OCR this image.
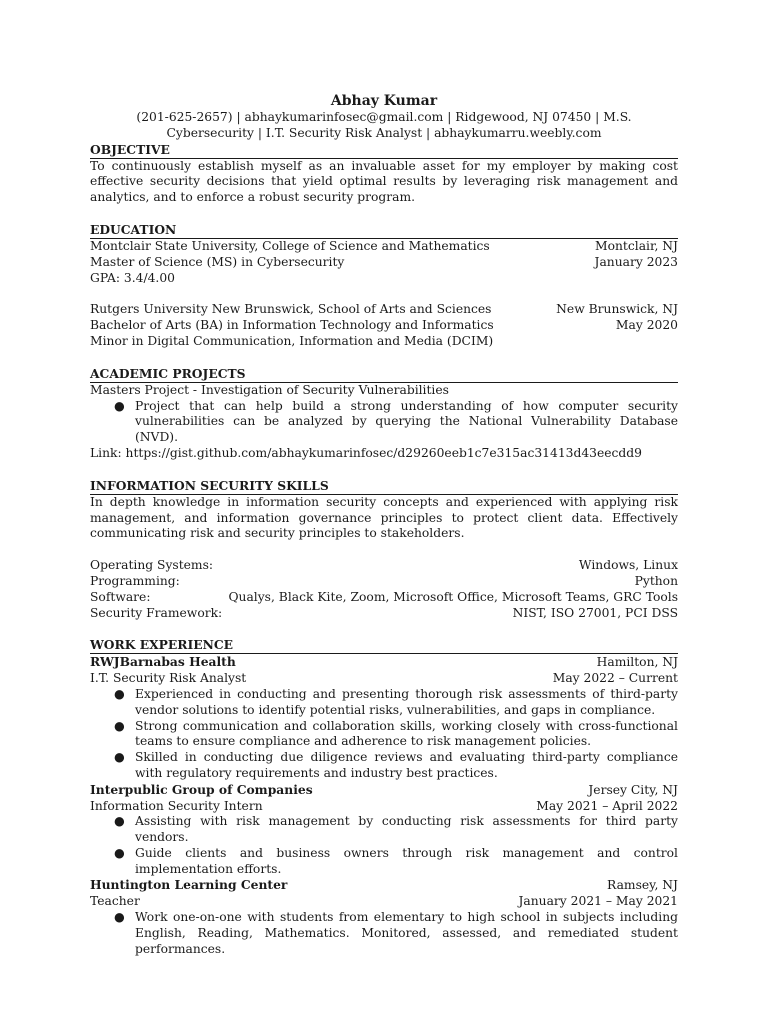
Abhay Kumar

(201-625-2657) | abhaykumarinfosec@gmail.com | Ridgewood, NJ 07450 | M.S. Cybersecurity | I.T. Security Risk Analyst | abhaykumarru.weebly.com

OBJECTIVE

To continuously establish myself as an invaluable asset for my employer by making cost effective security decisions that yield optimal results by leveraging risk management and analytics, and to enforce a robust security program.

EDUCATION

Montclair State University, College of Science and Mathematics	Montclair, NJ
Master of Science (MS) in Cybersecurity	January 2023
GPA: 3.4/4.00
Rutgers University New Brunswick, School of Arts and Sciences	New Brunswick, NJ
Bachelor of Arts (BA) in Information Technology and Informatics	May 2020
Minor in Digital Communication, Information and Media (DCIM)

ACADEMIC PROJECTS

Masters Project - Investigation of Security Vulnerabilities
● Project that can help build a strong understanding of how computer security vulnerabilities can be analyzed by querying the National Vulnerability Database (NVD).
Link: https://gist.github.com/abhaykumarinfosec/d29260eeb1c7e315ac31413d43eecdd9

INFORMATION SECURITY SKILLS

In depth knowledge in information security concepts and experienced with applying risk management, and information governance principles to protect client data. Effectively communicating risk and security principles to stakeholders.

Operating Systems:	Windows, Linux
Programming:	Python
Software:	Qualys, Black Kite, Zoom, Microsoft Office, Microsoft Teams, GRC Tools
Security Framework:	NIST, ISO 27001, PCI DSS

WORK EXPERIENCE

RWJBarnabas Health	Hamilton, NJ
I.T. Security Risk Analyst	May 2022 – Current
● Experienced in conducting and presenting thorough risk assessments of third-party vendor solutions to identify potential risks, vulnerabilities, and gaps in compliance.
● Strong communication and collaboration skills, working closely with cross-functional teams to ensure compliance and adherence to risk management policies.
● Skilled in conducting due diligence reviews and evaluating third-party compliance with regulatory requirements and industry best practices.
Interpublic Group of Companies	Jersey City, NJ
Information Security Intern	May 2021 – April 2022
● Assisting with risk management by conducting risk assessments for third party vendors.
● Guide clients and business owners through risk management and control implementation efforts.
Huntington Learning Center	Ramsey, NJ
Teacher	January 2021 – May 2021
● Work one-on-one with students from elementary to high school in subjects including English, Reading, Mathematics. Monitored, assessed, and remediated student performances.
